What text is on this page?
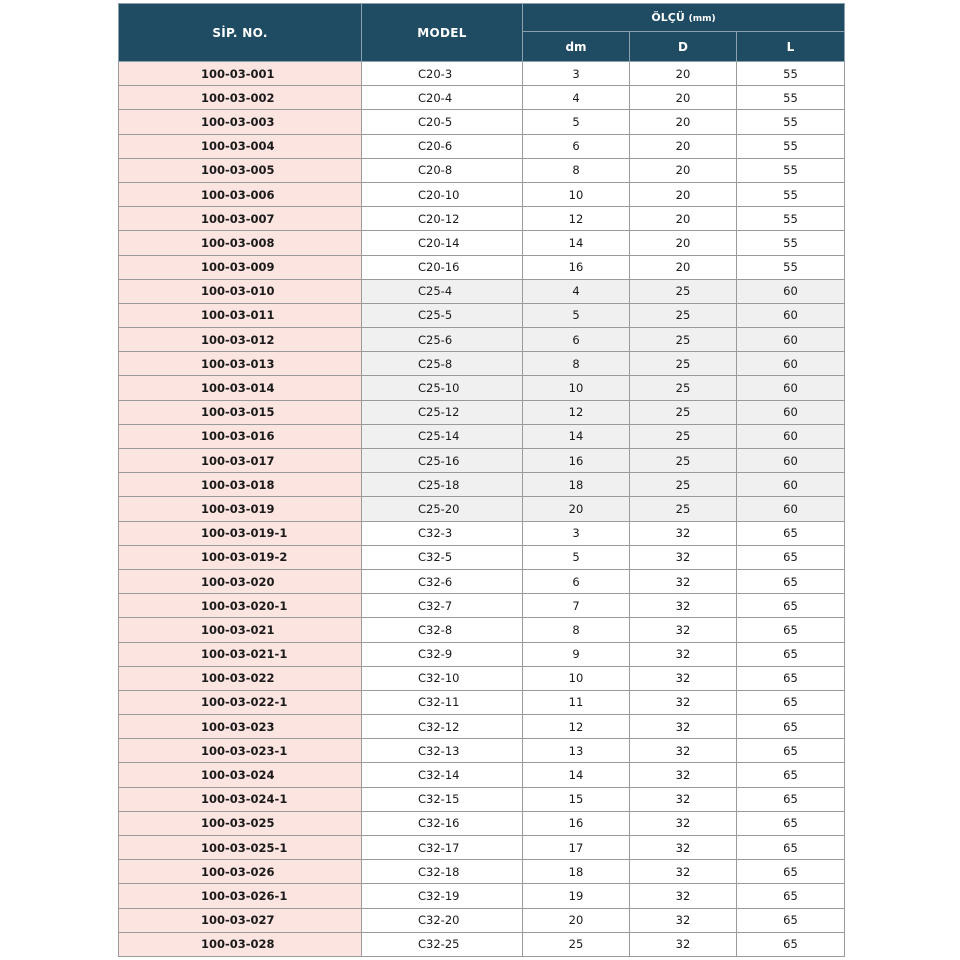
SİP. NO.	MODEL	ÖLÇÜ (mm)		
		dm	D	L
100-03-001	C20-3	3	20	55
100-03-002	C20-4	4	20	55
100-03-003	C20-5	5	20	55
100-03-004	C20-6	6	20	55
100-03-005	C20-8	8	20	55
100-03-006	C20-10	10	20	55
100-03-007	C20-12	12	20	55
100-03-008	C20-14	14	20	55
100-03-009	C20-16	16	20	55
100-03-010	C25-4	4	25	60
100-03-011	C25-5	5	25	60
100-03-012	C25-6	6	25	60
100-03-013	C25-8	8	25	60
100-03-014	C25-10	10	25	60
100-03-015	C25-12	12	25	60
100-03-016	C25-14	14	25	60
100-03-017	C25-16	16	25	60
100-03-018	C25-18	18	25	60
100-03-019	C25-20	20	25	60
100-03-019-1	C32-3	3	32	65
100-03-019-2	C32-5	5	32	65
100-03-020	C32-6	6	32	65
100-03-020-1	C32-7	7	32	65
100-03-021	C32-8	8	32	65
100-03-021-1	C32-9	9	32	65
100-03-022	C32-10	10	32	65
100-03-022-1	C32-11	11	32	65
100-03-023	C32-12	12	32	65
100-03-023-1	C32-13	13	32	65
100-03-024	C32-14	14	32	65
100-03-024-1	C32-15	15	32	65
100-03-025	C32-16	16	32	65
100-03-025-1	C32-17	17	32	65
100-03-026	C32-18	18	32	65
100-03-026-1	C32-19	19	32	65
100-03-027	C32-20	20	32	65
100-03-028	C32-25	25	32	65
